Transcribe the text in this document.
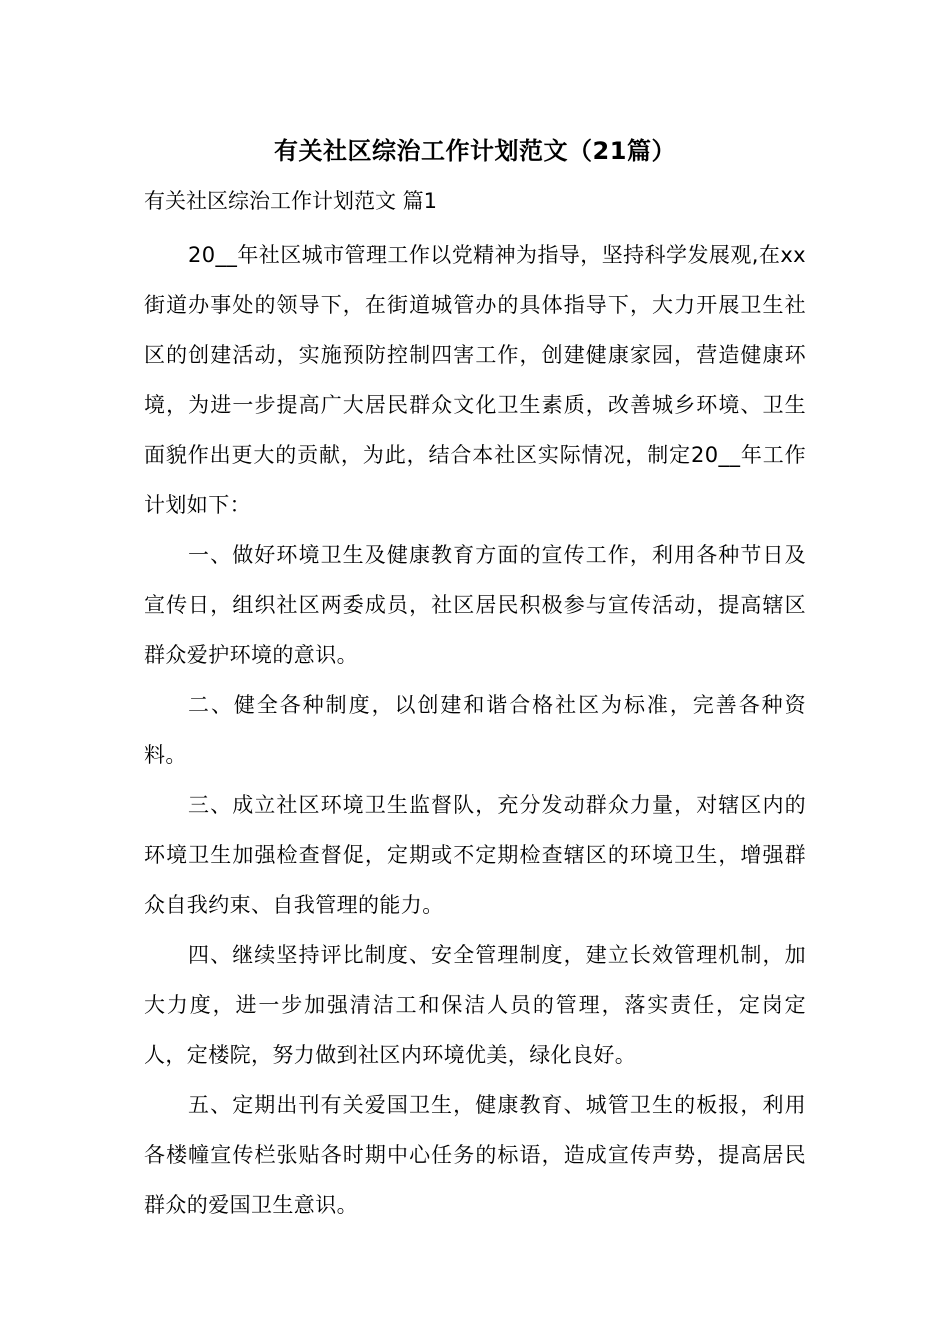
有关社区综治工作计划范文（21篇）
有关社区综治工作计划范文 篇1

20__年社区城市管理工作以党精神为指导，坚持科学发展观,在xx街道办事处的领导下，在街道城管办的具体指导下，大力开展卫生社区的创建活动，实施预防控制四害工作，创建健康家园，营造健康环境，为进一步提高广大居民群众文化卫生素质，改善城乡环境、卫生面貌作出更大的贡献，为此，结合本社区实际情况，制定20__年工作计划如下：

一、做好环境卫生及健康教育方面的宣传工作，利用各种节日及宣传日，组织社区两委成员，社区居民积极参与宣传活动，提高辖区群众爱护环境的意识。

二、健全各种制度，以创建和谐合格社区为标准，完善各种资料。

三、成立社区环境卫生监督队，充分发动群众力量，对辖区内的环境卫生加强检查督促，定期或不定期检查辖区的环境卫生，增强群众自我约束、自我管理的能力。

四、继续坚持评比制度、安全管理制度，建立长效管理机制，加大力度，进一步加强清洁工和保洁人员的管理，落实责任，定岗定人，定楼院，努力做到社区内环境优美，绿化良好。

五、定期出刊有关爱国卫生，健康教育、城管卫生的板报，利用各楼幢宣传栏张贴各时期中心任务的标语，造成宣传声势，提高居民群众的爱国卫生意识。
